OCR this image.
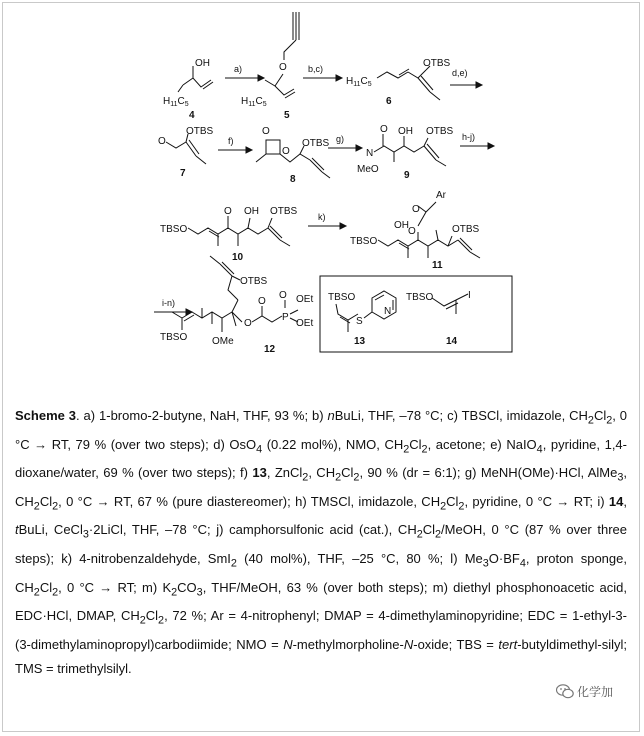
OH
$H_{11}C_5$
4
a)	O
$H_{11}C_5$
5
b,c)
$H_{11}C_5$
OTBS
6
d,e)
O
OTBS
7
f)
O
O
OTBS
8
g)
O
N
MeO
OH OTBS
9
h-j)
TBSO
O OH OTBS
10
k)
O
Ar
O
TBSO
OH	OTBS
11
i-n)
OTBS
O
O
P
O OEt
OEt
OMe
TBSO
12
TBSO
S
N
13
TBSO	I
14

Scheme 3. a) 1-bromo-2-butyne, NaH, THF, 93 %; b) nBuLi, THF, –78 °C; c) TBSCl, imidazole, $CH_2Cl_2$, 0 °C → RT, 79 % (over two steps); d) OsO$_4$ (0.22 mol%), NMO, $CH_2Cl_2$, acetone; e) NaIO$_4$, pyridine, 1,4-dioxane/water, 69 % (over two steps); f) 13, ZnCl$_2$, $CH_2Cl_2$, 90 % (dr = 6:1); g) MeNH(OMe)·HCl, AlMe$_3$, $CH_2Cl_2$, 0 °C → RT, 67 % (pure diastereomer); h) TMSCl, imidazole, $CH_2Cl_2$, pyridine, 0 °C → RT; i) 14, tBuLi, CeCl$_3$·2LiCl, THF, –78 °C; j) camphorsulfonic acid (cat.), $CH_2Cl_2$/MeOH, 0 °C (87 % over three steps); k) 4-nitrobenzaldehyde, SmI$_2$ (40 mol%), THF, –25 °C, 80 %; l) $Me_3O\cdot BF_4$, proton sponge, $CH_2Cl_2$, 0 °C → RT; m) $K_2CO_3$, THF/MeOH, 63 % (over both steps); m) diethyl phosphonoacetic acid, EDC·HCl, DMAP, $CH_2Cl_2$, 72 %; Ar = 4-nitrophenyl; DMAP = 4-dimethylaminopyridine; EDC = 1-ethyl-3-(3-dimethylaminopropyl)carbodiimide; NMO = N-methylmorpholine-N-oxide; TBS = tert-butyldimethyl-silyl; TMS = trimethylsilyl.

化学加
